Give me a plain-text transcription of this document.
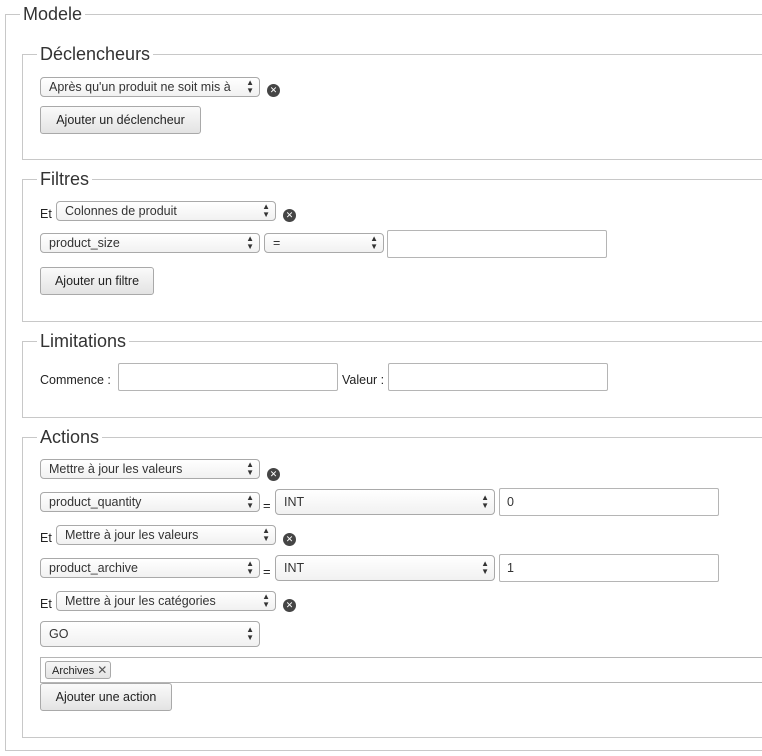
Modele
Déclencheurs
Après qu'un produit ne soit mis à ▲
▼	✕
Ajouter un déclencheur
Filtres
Et	Colonnes de produit	▲
▼	✕
product_size	▲
▼	=	▲
▼
Ajouter un filtre
Limitations
Commence :	Valeur :
Actions
Mettre à jour les valeurs	▲
▼	✕
product_quantity	▲
▼ =	INT	▲
▼	0
Et	Mettre à jour les valeurs	▲
▼	✕
product_archive	▲
▼ =	INT	▲
▼	1
Et	Mettre à jour les catégories	▲
▼	✕
GO	▲
▼
Archives ✕
Ajouter une action
